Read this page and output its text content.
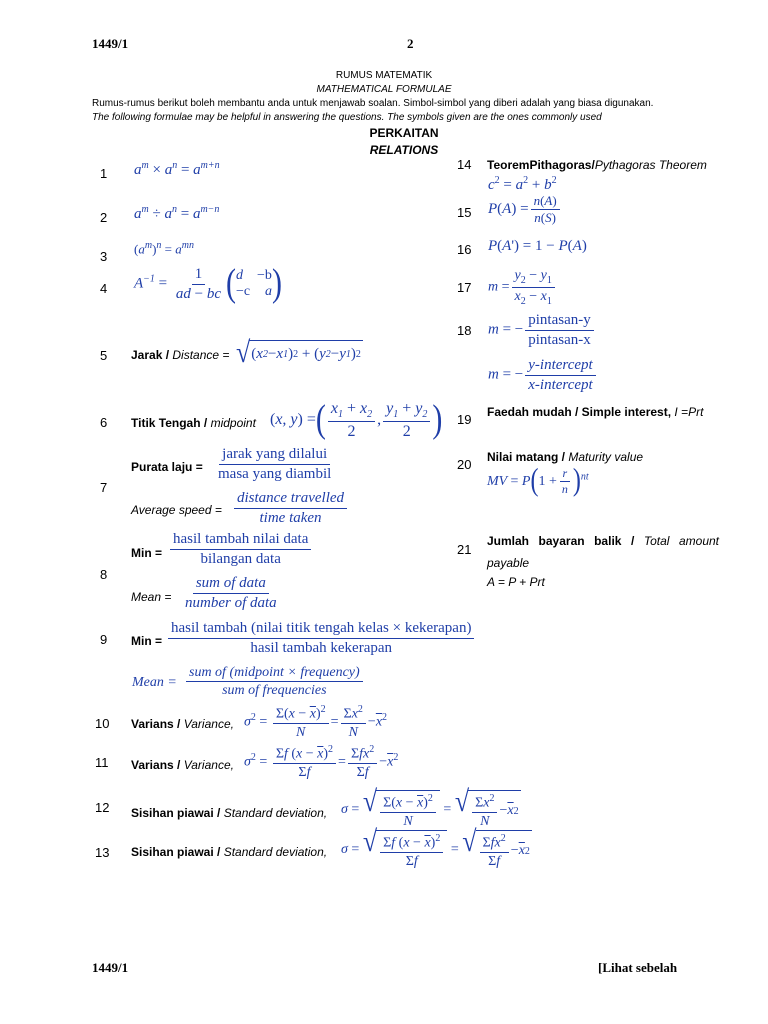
1449/1	2
RUMUS MATEMATIK
MATHEMATICAL FORMULAE
Rumus-rumus berikut boleh membantu anda untuk menjawab soalan. Simbol-simbol yang diberi adalah yang biasa digunakan.
The following formulae may be helpful in answering the questions. The symbols given are the ones commonly used
PERKAITAN
RELATIONS
1 $a^m \times a^n = a^{m+n}$
2 $a^m \div a^n = a^{m-n}$
3
$(a^m)^n = a^{mn}$
4 $A^{-1} = \frac{1}{ad - bc}$ ( d −b
−c a )
5 Jarak / Distance = √ ( x 2 − x 1 ) 2 + ( y 2 − y 1 ) 2
6 Titik Tengah / midpoint (x, y) =( $\frac{x_1 + x_2}{2}$ , $\frac{y_1 + y_2}{2}$ )
7
Purata laju = $\frac{\text{jarak yang dilalui}}{\text{masa yang diambil}}$
Average speed = $\frac{\text{distance travelled}}{\text{time taken}}$
8
Min = $\frac{\text{hasil tambah nilai data}}{\text{bilangan data}}$
Mean = $\frac{\text{sum of data}}{\text{number of data}}$
9 Min = $\frac{\text{hasil tambah (nilai titik tengah kelas × kekerapan)}}{\text{hasil tambah kekerapan}}$
Mean = $\frac{\text{sum of (midpoint × frequency)}}{\text{sum of frequencies}}$
10 Varians / Variance, $\sigma^2 = \frac{\Sigma(x - \overline{x})^2}{N} = \frac{\Sigma x^2}{N} -\overline{x}^2$
11 Varians / Variance, $\sigma^2 = \frac{\Sigma f (x - \overline{x})^2}{\Sigma f} = \frac{\Sigma fx^2}{\Sigma f} -\overline{x}^2$
12 Sisihan piawai / Standard deviation, σ = √ $\frac{\Sigma(x - \overline{x})^2}{N}$ = √ $\frac{\Sigma x^2}{N} - \overline{x}$ 2
13 Sisihan piawai / Standard deviation, σ = √ $\frac{\Sigma f (x - \overline{x})^2}{\Sigma f}$ = √ $\frac{\Sigma fx^2}{\Sigma f} - \overline{x}$ 2
14 TeoremPithagoras/Pythagoras Theorem
$c^2 = a^2 + b^2$
15 $P(A) = \frac{n(A)}{n(S)}$
16 P(A') = 1 − P(A)
17 $m = \frac{y_2 - y_1}{x_2 - x_1}$
18 m = − $\frac{\text{pintasan-y}}{\text{pintasan-x}}$
m = − $\frac{\text{y-intercept}}{\text{x-intercept}}$
19 Faedah mudah / Simple interest, I =Prt
20 Nilai matang / Maturity value
MV = $P(1 + \frac{r}{n} )^{nt}$
21
Jumlah bayaran balik / Total amount
payable
A = P + Prt
1449/1	[Lihat sebelah
